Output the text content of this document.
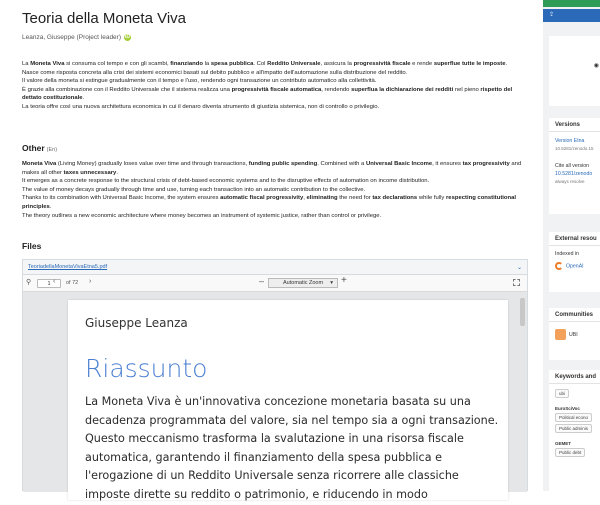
Teoria della Moneta Viva
Leanza, Giuseppe (Project leader) iD

La Moneta Viva si consuma col tempo e con gli scambi, finanziando la spesa pubblica. Col Reddito Universale, assicura la progressività fiscale e rende superflue tutte le imposte.

Nasce come risposta concreta alla crisi dei sistemi economici basati sul debito pubblico e all'impatto dell'automazione sulla distribuzione del reddito.

Il valore della moneta si estingue gradualmente con il tempo e l'uso, rendendo ogni transazione un contributo automatico alla collettività.

È grazie alla combinazione con il Reddito Universale che il sistema realizza una progressività fiscale automatica, rendendo superflua la dichiarazione dei redditi nel pieno rispetto del dettato costituzionale.

La teoria offre così una nuova architettura economica in cui il denaro diventa strumento di giustizia sistemica, non di controllo o privilegio.

Other (En)

Moneta Viva (Living Money) gradually loses value over time and through transactions, funding public spending. Combined with a Universal Basic Income, it ensures tax progressivity and makes all other taxes unnecessary.

It emerges as a concrete response to the structural crisis of debt-based economic systems and to the disruptive effects of automation on income distribution.

The value of money decays gradually through time and use, turning each transaction into an automatic contribution to the collective.

Thanks to its combination with Universal Basic Income, the system ensures automatic fiscal progressivity, eliminating the need for tax declarations while fully respecting constitutional principles.

The theory outlines a new economic architecture where money becomes an instrument of systemic justice, rather than control or privilege.

Files
TeoriadellaMonetaVivaEtna5.pdf	⌄
⚲	1 ‹ of 72 ›	–	Automatic Zoom ▾	+
Giuseppe Leanza
Riassunto
La Moneta Viva è un'innovativa concezione monetaria basata su una decadenza programmata del valore, sia nel tempo sia a ogni transazione. Questo meccanismo trasforma la svalutazione in una risorsa fiscale automatica, garantendo il finanziamento della spesa pubblica e l'erogazione di un Reddito Universale senza ricorrere alle classiche imposte dirette su reddito o patrimonio, e riducendo in modo
⇪
◉
Versions
Version Etna
10.5281/zenodo.15
Cite all version
10.5281/zenodo
always resolve
External resou
Indexed in
OpenAI
Communities
UBI
Keywords and
ubi
EuroSciVoc
Political econo
Public adminis
GEMET
Public debt
